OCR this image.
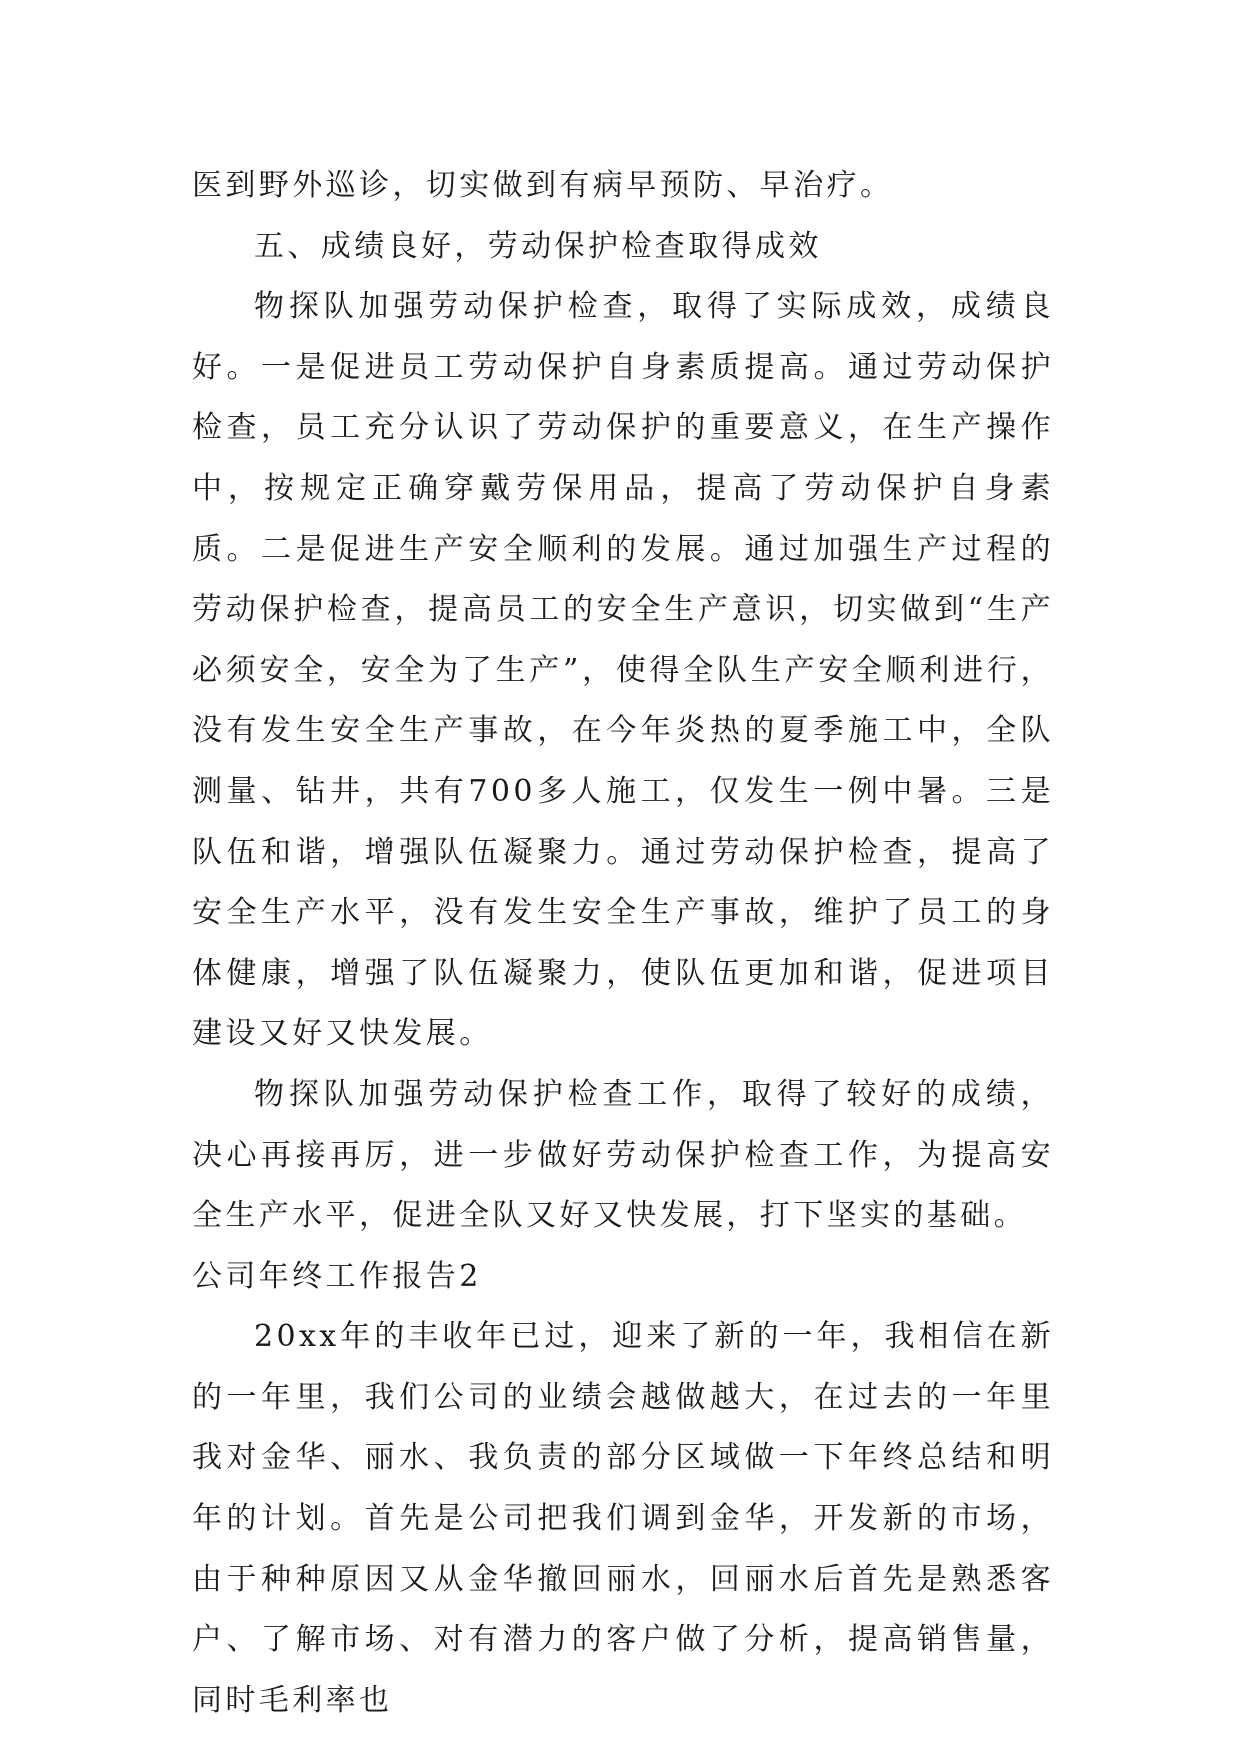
医到野外巡诊，切实做到有病早预防、早治疗。

五、成绩良好，劳动保护检查取得成效

物探队加强劳动保护检查，取得了实际成效，成绩良好。一是促进员工劳动保护自身素质提高。通过劳动保护检查，员工充分认识了劳动保护的重要意义，在生产操作中，按规定正确穿戴劳保用品，提高了劳动保护自身素质。二是促进生产安全顺利的发展。通过加强生产过程的劳动保护检查，提高员工的安全生产意识，切实做到“生产必须安全，安全为了生产”，使得全队生产安全顺利进行，没有发生安全生产事故，在今年炎热的夏季施工中，全队测量、钻井，共有700多人施工，仅发生一例中暑。三是队伍和谐，增强队伍凝聚力。通过劳动保护检查，提高了安全生产水平，没有发生安全生产事故，维护了员工的身体健康，增强了队伍凝聚力，使队伍更加和谐，促进项目建设又好又快发展。

物探队加强劳动保护检查工作，取得了较好的成绩，决心再接再厉，进一步做好劳动保护检查工作，为提高安全生产水平，促进全队又好又快发展，打下坚实的基础。

公司年终工作报告2

20xx年的丰收年已过，迎来了新的一年，我相信在新的一年里，我们公司的业绩会越做越大，在过去的一年里我对金华、丽水、我负责的部分区域做一下年终总结和明年的计划。首先是公司把我们调到金华，开发新的市场，由于种种原因又从金华撤回丽水，回丽水后首先是熟悉客户、了解市场、对有潜力的客户做了分析，提高销售量，同时毛利率也
